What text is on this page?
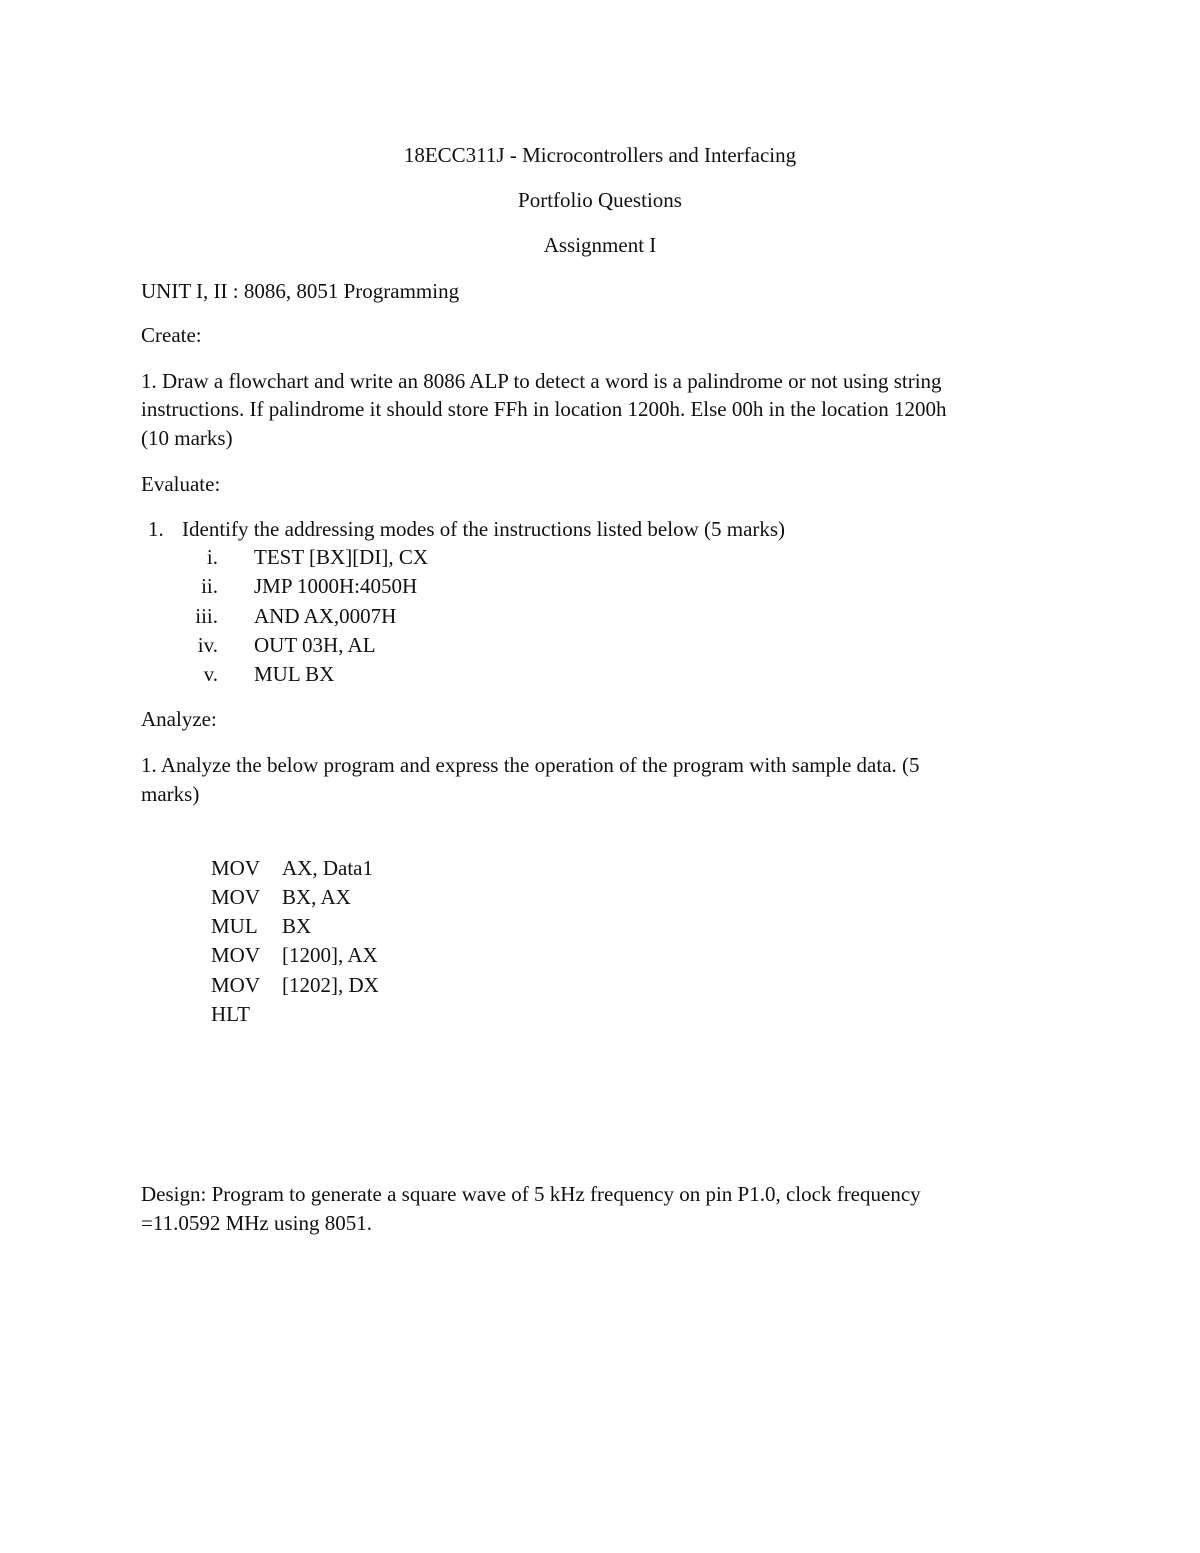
18ECC311J - Microcontrollers and Interfacing
Portfolio Questions
Assignment I
UNIT I, II : 8086, 8051 Programming
Create:
1. Draw a flowchart and write an 8086 ALP to detect a word is a palindrome or not using string
instructions. If palindrome it should store FFh in location 1200h. Else 00h in the location 1200h
(10 marks)
Evaluate:
1. Identify the addressing modes of the instructions listed below (5 marks)
i. TEST [BX][DI], CX
ii. JMP 1000H:4050H
iii. AND AX,0007H
iv. OUT 03H, AL
v. MUL BX
Analyze:
1. Analyze the below program and express the operation of the program with sample data. (5
marks)
MOV AX, Data1
MOV BX, AX
MUL BX
MOV [1200], AX
MOV [1202], DX
HLT
Design: Program to generate a square wave of 5 kHz frequency on pin P1.0, clock frequency
=11.0592 MHz using 8051.
